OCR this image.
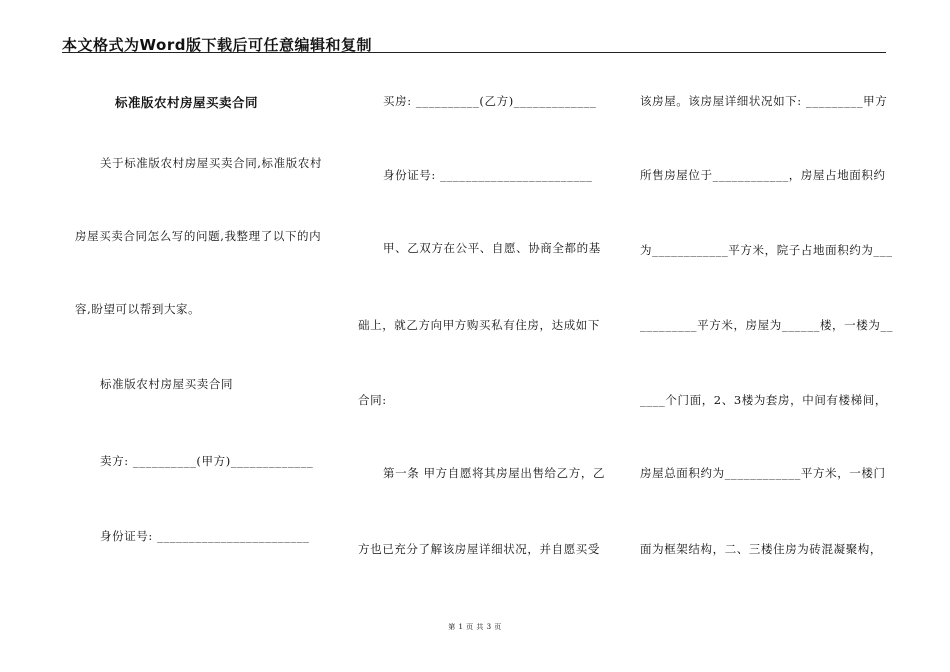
本文格式为Word版下载后可任意编辑和复制
标准版农村房屋买卖合同
关于标准版农村房屋买卖合同,标准版农村
房屋买卖合同怎么写的问题,我整理了以下的内
容,盼望可以帮到大家。
标准版农村房屋买卖合同
卖方: __________(甲方)_____________
身份证号: ________________________
买房: __________(乙方)_____________
身份证号: ________________________
甲、乙双方在公平、自愿、协商全都的基
础上，就乙方向甲方购买私有住房，达成如下
合同:
第一条 甲方自愿将其房屋出售给乙方，乙
方也已充分了解该房屋详细状况，并自愿买受
该房屋。该房屋详细状况如下: _________甲方
所售房屋位于____________，房屋占地面积约
为____________平方米，院子占地面积约为___
_________平方米，房屋为______楼，一楼为__
____个门面，2、3楼为套房，中间有楼梯间，
房屋总面积约为____________平方米，一楼门
面为框架结构，二、三楼住房为砖混凝聚构，
第 1 页 共 3 页
